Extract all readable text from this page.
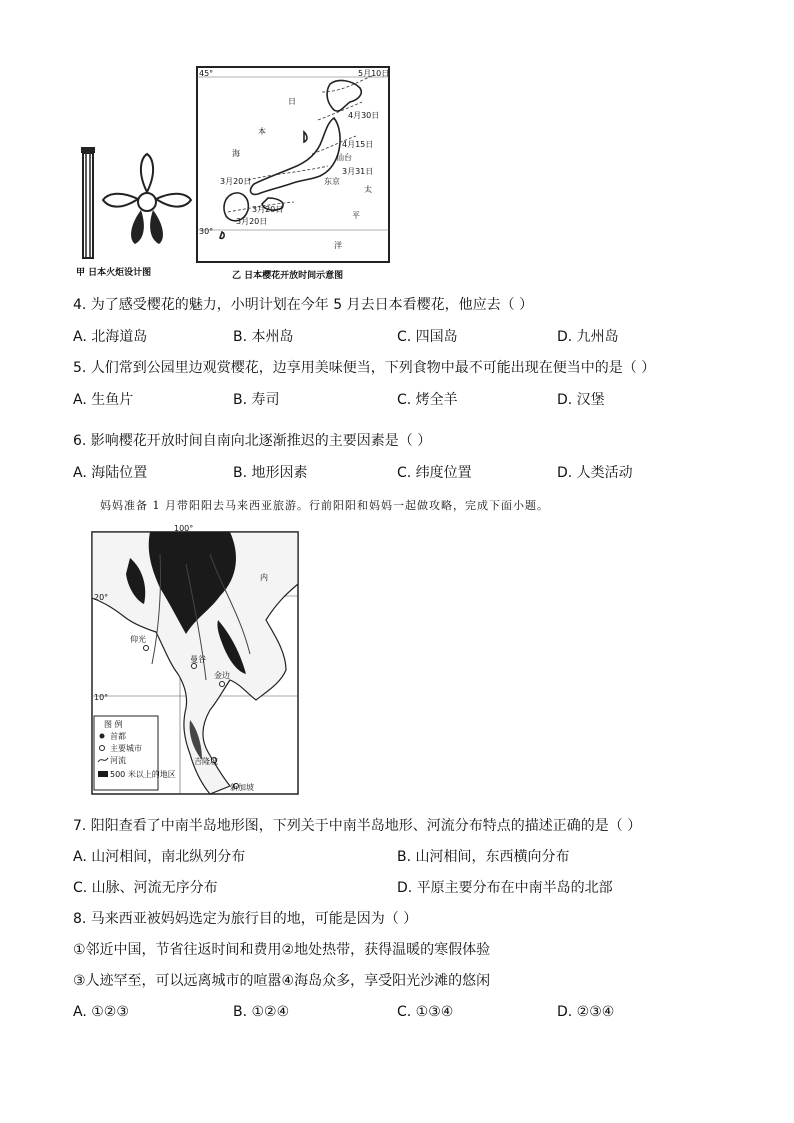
45°
30°
5月10日
4月30日
4月15日
3月31日
3月20日
3月20日
3月20日
日
本
海
太
平
洋
仙台
东京
甲 日本火炬设计图	乙 日本樱花开放时间示意图
4. 为了感受樱花的魅力，小明计划在今年 5 月去日本看樱花，他应去（ ）
A. 北海道岛	B. 本州岛	C. 四国岛	D. 九州岛
5. 人们常到公园里边观赏樱花，边享用美味便当，下列食物中最不可能出现在便当中的是（ ）
A. 生鱼片	B. 寿司	C. 烤全羊	D. 汉堡
6. 影响樱花开放时间自南向北逐渐推迟的主要因素是（ ）
A. 海陆位置	B. 地形因素	C. 纬度位置	D. 人类活动
妈妈准备 1 月带阳阳去马来西亚旅游。行前阳阳和妈妈一起做攻略，完成下面小题。
100°
20°
10°
仰光
曼谷
金边
吉隆坡
新加坡
内
图 例
首都
主要城市
河流
500 米以上的地区
7. 阳阳查看了中南半岛地形图，下列关于中南半岛地形、河流分布特点的描述正确的是（ ）
A. 山河相间，南北纵列分布	B. 山河相间，东西横向分布
C. 山脉、河流无序分布	D. 平原主要分布在中南半岛的北部
8. 马来西亚被妈妈选定为旅行目的地，可能是因为（ ）
①邻近中国，节省往返时间和费用②地处热带，获得温暖的寒假体验
③人迹罕至，可以远离城市的喧嚣④海岛众多，享受阳光沙滩的悠闲
A. ①②③	B. ①②④	C. ①③④	D. ②③④
